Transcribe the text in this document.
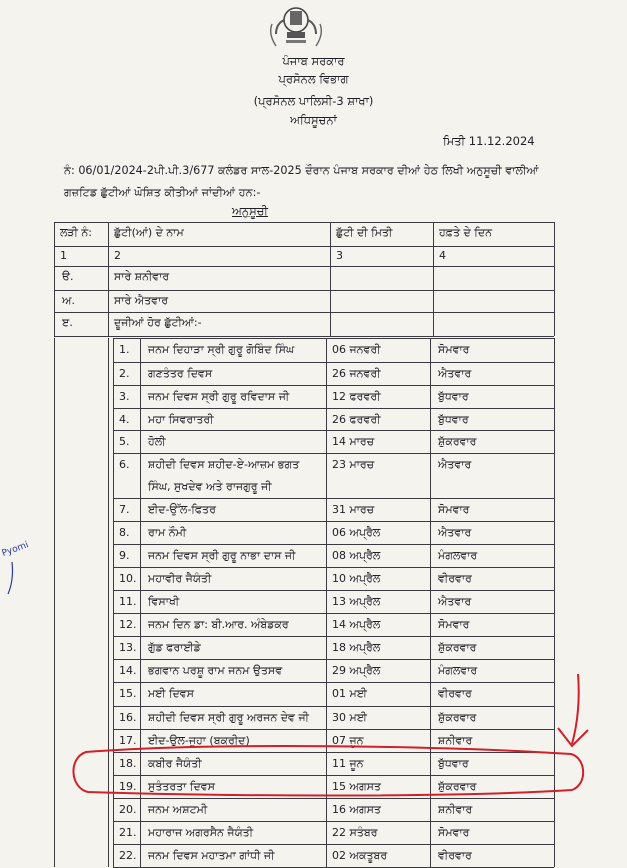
ਪੰਜਾਬ ਸਰਕਾਰ
ਪ੍ਰਸੋਨਲ ਵਿਭਾਗ
(ਪ੍ਰਸੋਨਲ ਪਾਲਿਸੀ-3 ਸ਼ਾਖਾ)
ਅਧਿਸੂਚਨਾਂ
ਮਿਤੀ 11.12.2024
ਨੰ: 06/01/2024-2ਪੀ.ਪੀ.3/677 ਕਲੰਡਰ ਸਾਲ-2025 ਦੌਰਾਨ ਪੰਜਾਬ ਸਰਕਾਰ ਦੀਆਂ ਹੇਠ ਲਿਖੀ ਅਨੁਸੂਚੀ ਵਾਲੀਆਂ
ਗਜ਼ਟਿਡ ਛੁੱਟੀਆਂ ਘੋਸ਼ਿਤ ਕੀਤੀਆਂ ਜਾਂਦੀਆਂ ਹਨ:-
ਅਨੁਸੂਚੀ
ਲੜੀ ਨੰ: ਛੁੱਟੀ(ਆਂ) ਦੇ ਨਾਮ	ਛੁੱਟੀ ਦੀ ਮਿਤੀ	ਹਫ਼ਤੇ ਦੇ ਦਿਨ
1	2	3	4
ੳ.	ਸਾਰੇ ਸ਼ਨੀਵਾਰ
ਅ.	ਸਾਰੇ ਐਤਵਾਰ
ੲ.	ਦੂਜੀਆਂ ਹੋਰ ਛੁੱਟੀਆਂ:-
1. ਜਨਮ ਦਿਹਾੜਾ ਸ੍ਰੀ ਗੁਰੂ ਗੋਬਿੰਦ ਸਿੰਘ	06 ਜਨਵਰੀ	ਸੋਮਵਾਰ
2. ਗਣਤੰਤਰ ਦਿਵਸ	26 ਜਨਵਰੀ	ਐਤਵਾਰ
3. ਜਨਮ ਦਿਵਸ ਸ੍ਰੀ ਗੁਰੂ ਰਵਿਦਾਸ ਜੀ	12 ਫਰਵਰੀ	ਬੁੱਧਵਾਰ
4. ਮਹਾ ਸਿਵਰਾਤਰੀ	26 ਫਰਵਰੀ	ਬੁੱਧਵਾਰ
5. ਹੋਲੀ	14 ਮਾਰਚ	ਸ਼ੁੱਕਰਵਾਰ
6. ਸ਼ਹੀਦੀ ਦਿਵਸ ਸ਼ਹੀਦ-ਏ-ਆਜ਼ਮ ਭਗਤ
ਸਿੰਘ, ਸੁਖਦੇਵ ਅਤੇ ਰਾਜਗੁਰੂ ਜੀ
23 ਮਾਰਚ	ਐਤਵਾਰ
7. ਈਦ-ਉੱਲ-ਫਿਤਰ	31 ਮਾਰਚ	ਸੋਮਵਾਰ
8. ਰਾਮ ਨੌਮੀ	06 ਅਪ੍ਰੈਲ	ਐਤਵਾਰ
9. ਜਨਮ ਦਿਵਸ ਸ੍ਰੀ ਗੁਰੂ ਨਾਭਾ ਦਾਸ ਜੀ	08 ਅਪ੍ਰੈਲ	ਮੰਗਲਵਾਰ
10. ਮਹਾਵੀਰ ਜੈਯੰਤੀ	10 ਅਪ੍ਰੈਲ	ਵੀਰਵਾਰ
11. ਵਿਸਾਖੀ	13 ਅਪ੍ਰੈਲ	ਐਤਵਾਰ
12. ਜਨਮ ਦਿਨ ਡਾ: ਬੀ.ਆਰ. ਅੰਬੇਡਕਰ	14 ਅਪ੍ਰੈਲ	ਸੋਮਵਾਰ
13. ਗੁੱਡ ਫਰਾਈਡੇ	18 ਅਪ੍ਰੈਲ	ਸ਼ੁੱਕਰਵਾਰ
14. ਭਗਵਾਨ ਪਰਸ਼ੂ ਰਾਮ ਜਨਮ ਉਤਸਵ	29 ਅਪ੍ਰੈਲ	ਮੰਗਲਵਾਰ
15. ਮਈ ਦਿਵਸ	01 ਮਈ	ਵੀਰਵਾਰ
16. ਸ਼ਹੀਦੀ ਦਿਵਸ ਸ੍ਰੀ ਗੁਰੂ ਅਰਜਨ ਦੇਵ ਜੀ 30 ਮਈ	ਸ਼ੁੱਕਰਵਾਰ
17. ਈਦ-ਉਲ-ਜੂਹਾ (ਬਕਰੀਦ)	07 ਜੂਨ	ਸ਼ਨੀਵਾਰ
18. ਕਬੀਰ ਜੈਯੰਤੀ	11 ਜੂਨ	ਬੁੱਧਵਾਰ
19. ਸੁਤੰਤਰਤਾ ਦਿਵਸ	15 ਅਗਸਤ	ਸ਼ੁੱਕਰਵਾਰ
20. ਜਨਮ ਅਸ਼ਟਮੀ	16 ਅਗਸਤ	ਸ਼ਨੀਵਾਰ
21. ਮਹਾਰਾਜ ਅਗਰਸੈਨ ਜੈਯੰਤੀ	22 ਸਤੰਬਰ	ਸੋਮਵਾਰ
22. ਜਨਮ ਦਿਵਸ ਮਹਾਤਮਾ ਗਾਂਧੀ ਜੀ	02 ਅਕਤੂਬਰ	ਵੀਰਵਾਰ
Pyomi
